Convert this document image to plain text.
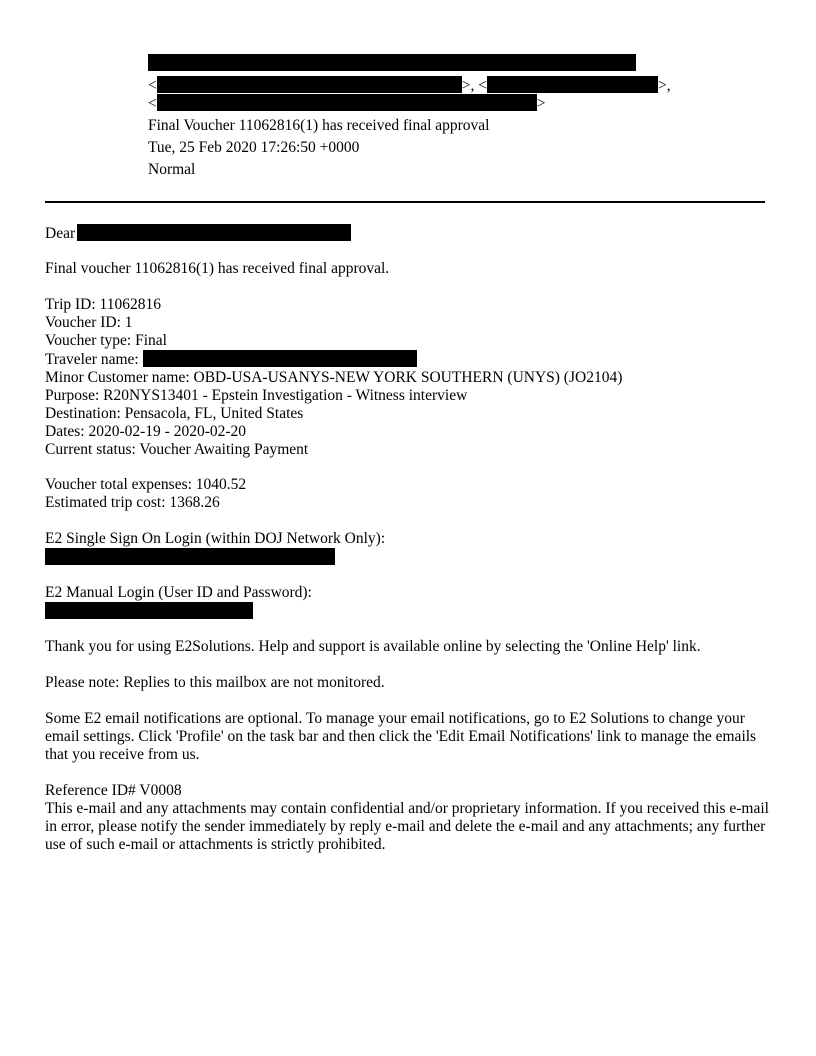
<	>, <	>,
<	>
Final Voucher 11062816(1) has received final approval
Tue, 25 Feb 2020 17:26:50 +0000
Normal
Dear
Final voucher 11062816(1) has received final approval.
Trip ID: 11062816
Voucher ID: 1
Voucher type: Final
Traveler name:
Minor Customer name: OBD-USA-USANYS-NEW YORK SOUTHERN (UNYS) (JO2104)
Purpose: R20NYS13401 - Epstein Investigation - Witness interview
Destination: Pensacola, FL, United States
Dates: 2020-02-19 - 2020-02-20
Current status: Voucher Awaiting Payment
Voucher total expenses: 1040.52
Estimated trip cost: 1368.26
E2 Single Sign On Login (within DOJ Network Only):
E2 Manual Login (User ID and Password):
Thank you for using E2Solutions. Help and support is available online by selecting the 'Online Help' link.
Please note: Replies to this mailbox are not monitored.
Some E2 email notifications are optional. To manage your email notifications, go to E2 Solutions to change your email settings. Click 'Profile' on the task bar and then click the 'Edit Email Notifications' link to manage the emails that you receive from us.
Reference ID# V0008
This e-mail and any attachments may contain confidential and/or proprietary information. If you received this e-mail in error, please notify the sender immediately by reply e-mail and delete the e-mail and any attachments; any further use of such e-mail or attachments is strictly prohibited.
